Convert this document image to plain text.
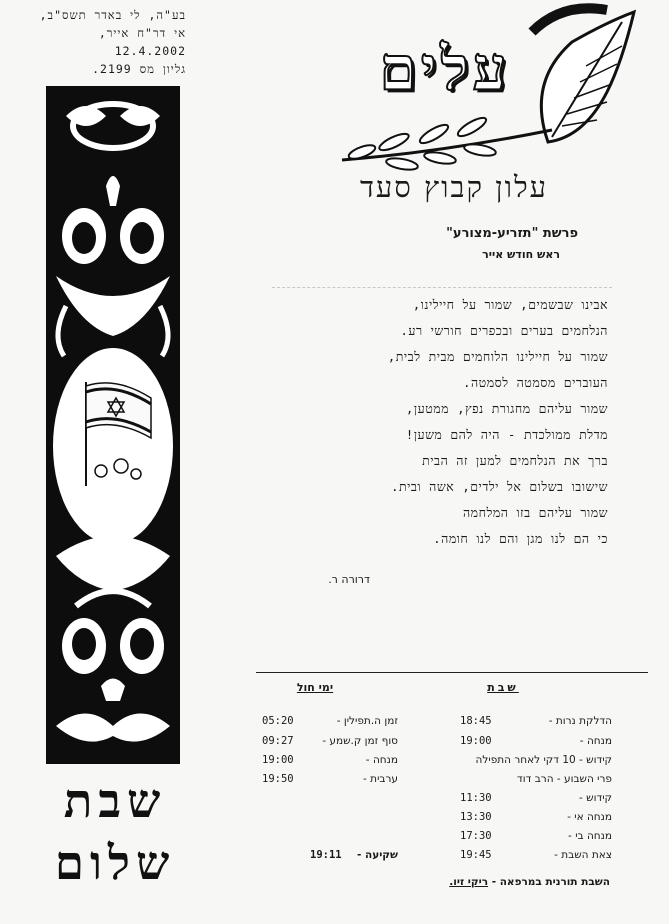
בע"ה, לי באדר תשס"ב,
אי דר"ח אייר,
12.4.2002
גליון מס 2199.
שבת
שלום
עלים
עלון קבוץ סעד
פרשת "תזריע-מצורע"
ראש חודש אייר
אבינו שבשמים, שמור על חיילינו,
הנלחמים בערים ובכפרים חורשי רע.
שמור על חיילינו הלוחמים מבית לבית,
העוברים מסמטה לסמטה.
שמור עליהם מחגורת נפץ, ממטען,
מדלת ממולכדת - היה להם משען!
ברך את הנלחמים למען זה הבית
שישובו בשלום אל ילדים, אשה ובית.
שמור עליהם בזו המלחמה
כי הם לנו מגן והם לנו חומה.
דרורה ר.
שבת
ימי חול
18:45	הדלקת נרות -
19:00	מנחה -
קידוש - 10 דקי לאחר התפילה
פרי השבוע - הרב דוד
11:30	קידוש -
13:30	מנחה אי -
17:30	מנחה בי -
19:45	צאת השבת -
05:20	זמן ה.תפילין -
09:27	סוף זמן ק.שמע -
19:00	מנחה -
19:50	ערבית -
19:11	שקיעה -
השבת תורנית במרפאה - ריקי זיו.
